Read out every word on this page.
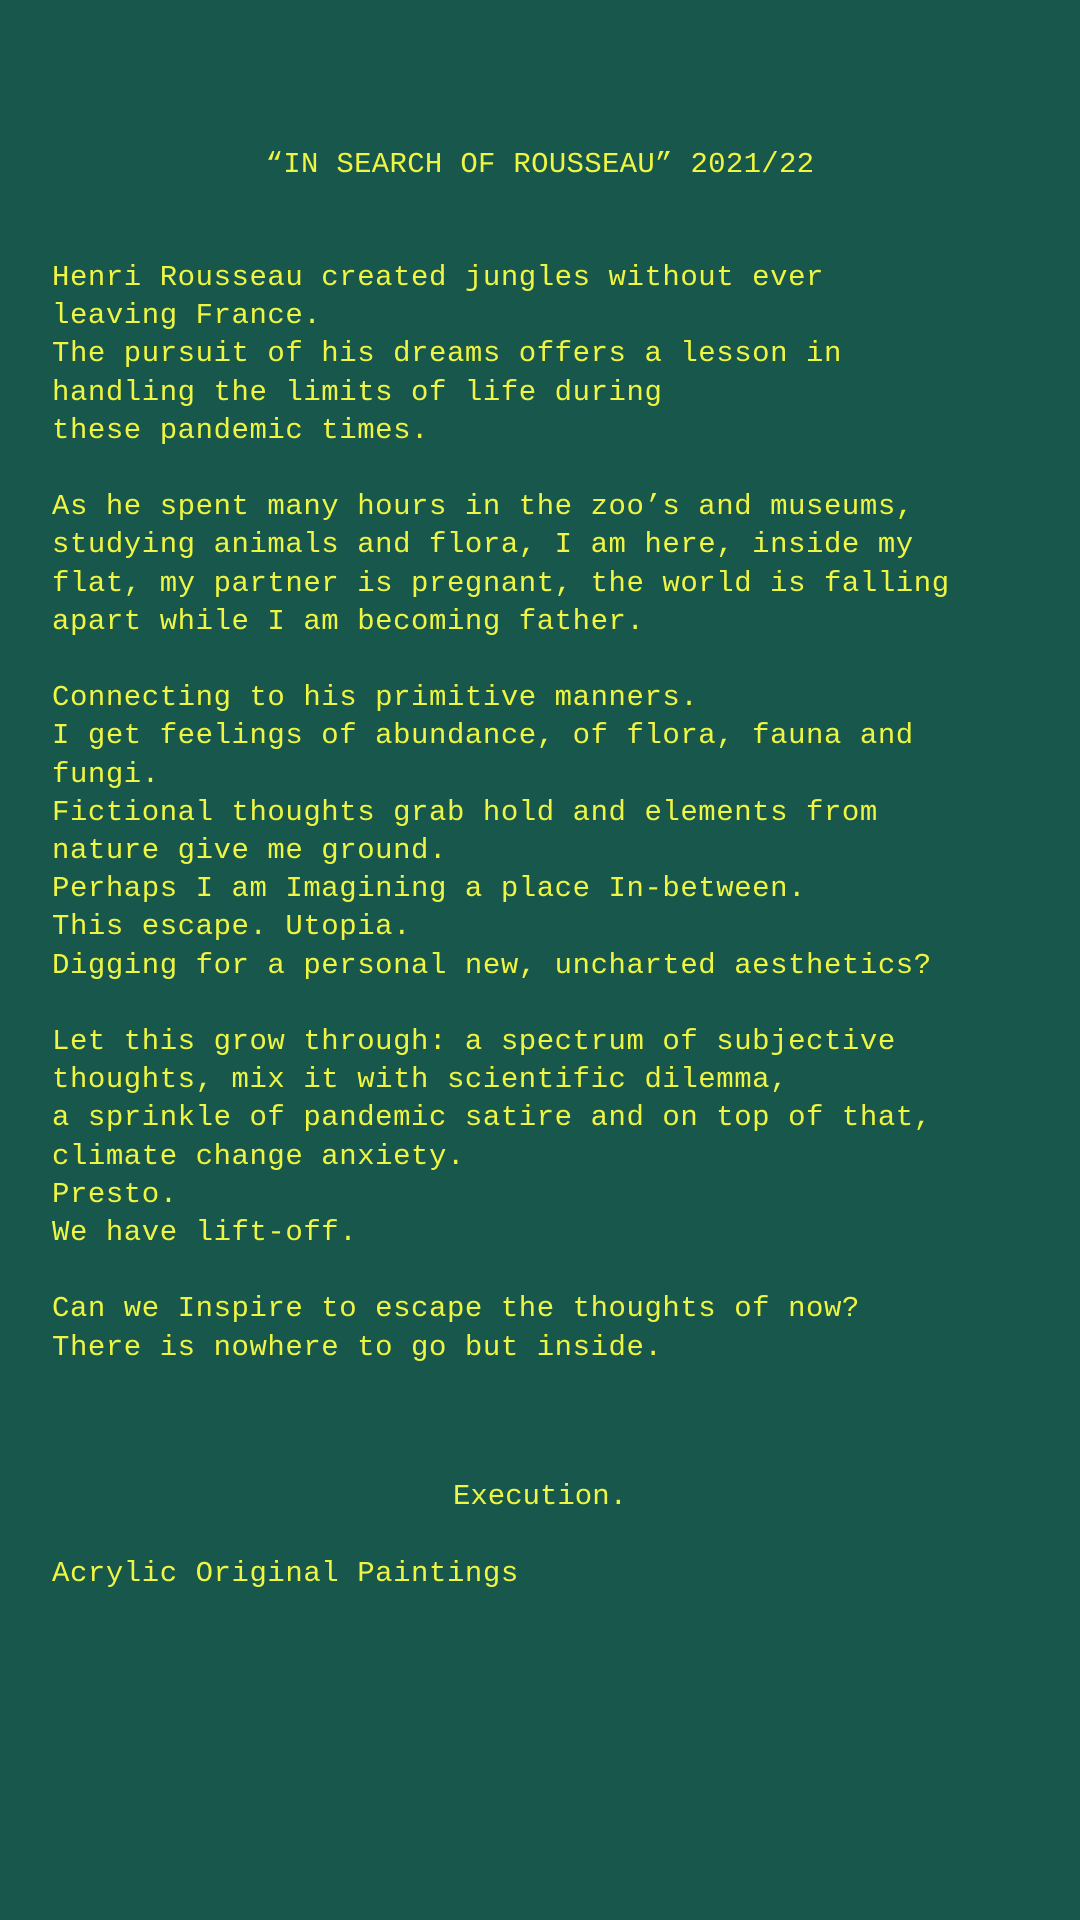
“IN SEARCH OF ROUSSEAU” 2021/22
Henri Rousseau created jungles without ever
leaving France.
The pursuit of his dreams offers a lesson in
handling the limits of life during
these pandemic times.
As he spent many hours in the zoo’s and museums,
studying animals and flora, I am here, inside my
flat, my partner is pregnant, the world is falling
apart while I am becoming father.
Connecting to his primitive manners.
I get feelings of abundance, of flora, fauna and
fungi.
Fictional thoughts grab hold and elements from
nature give me ground.
Perhaps I am Imagining a place In-between.
This escape. Utopia.
Digging for a personal new, uncharted aesthetics?
Let this grow through: a spectrum of subjective
thoughts, mix it with scientific dilemma,
a sprinkle of pandemic satire and on top of that,
climate change anxiety.
Presto.
We have lift-off.
Can we Inspire to escape the thoughts of now?
There is nowhere to go but inside.
Execution.
Acrylic Original Paintings
